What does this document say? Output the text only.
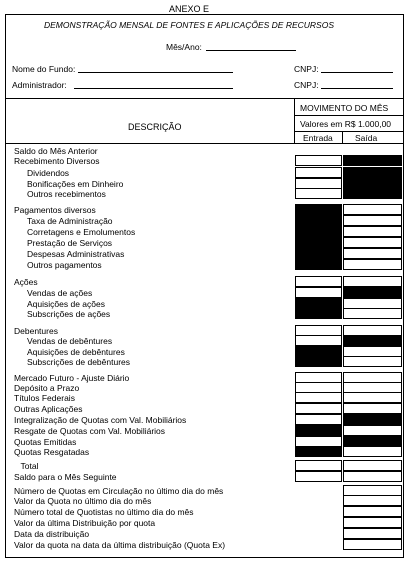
ANEXO E
DEMONSTRAÇÃO MENSAL DE FONTES E APLICAÇÕES DE RECURSOS
Mês/Ano:
Nome do Fundo:	CNPJ:
Administrador:	CNPJ:
DESCRIÇÃO
MOVIMENTO DO MÊS
Valores em R$ 1.000,00
Entrada	Saída
Saldo do Mês Anterior
Recebimento Diversos
Dividendos
Bonificações em Dinheiro
Outros recebimentos
Pagamentos diversos
Taxa de Administração
Corretagens e Emolumentos
Prestação de Serviços
Despesas Administrativas
Outros pagamentos
Ações
Vendas de ações
Aquisições de ações
Subscrições de ações
Debentures
Vendas de debêntures
Aquisições de debêntures
Subscrições de debêntures
Mercado Futuro - Ajuste Diário
Depósito a Prazo
Títulos Federais
Outras Aplicações
Integralização de Quotas com Val. Mobiliários
Resgate de Quotas com Val. Mobiliários
Quotas Emitidas
Quotas Resgatadas
Total
Saldo para o Mês Seguinte
Número de Quotas em Circulação no último dia do mês
Valor da Quota no último dia do mês
Número total de Quotistas no último dia do mês
Valor da última Distribuição por quota
Data da distribuição
Valor da quota na data da última distribuição (Quota Ex)
